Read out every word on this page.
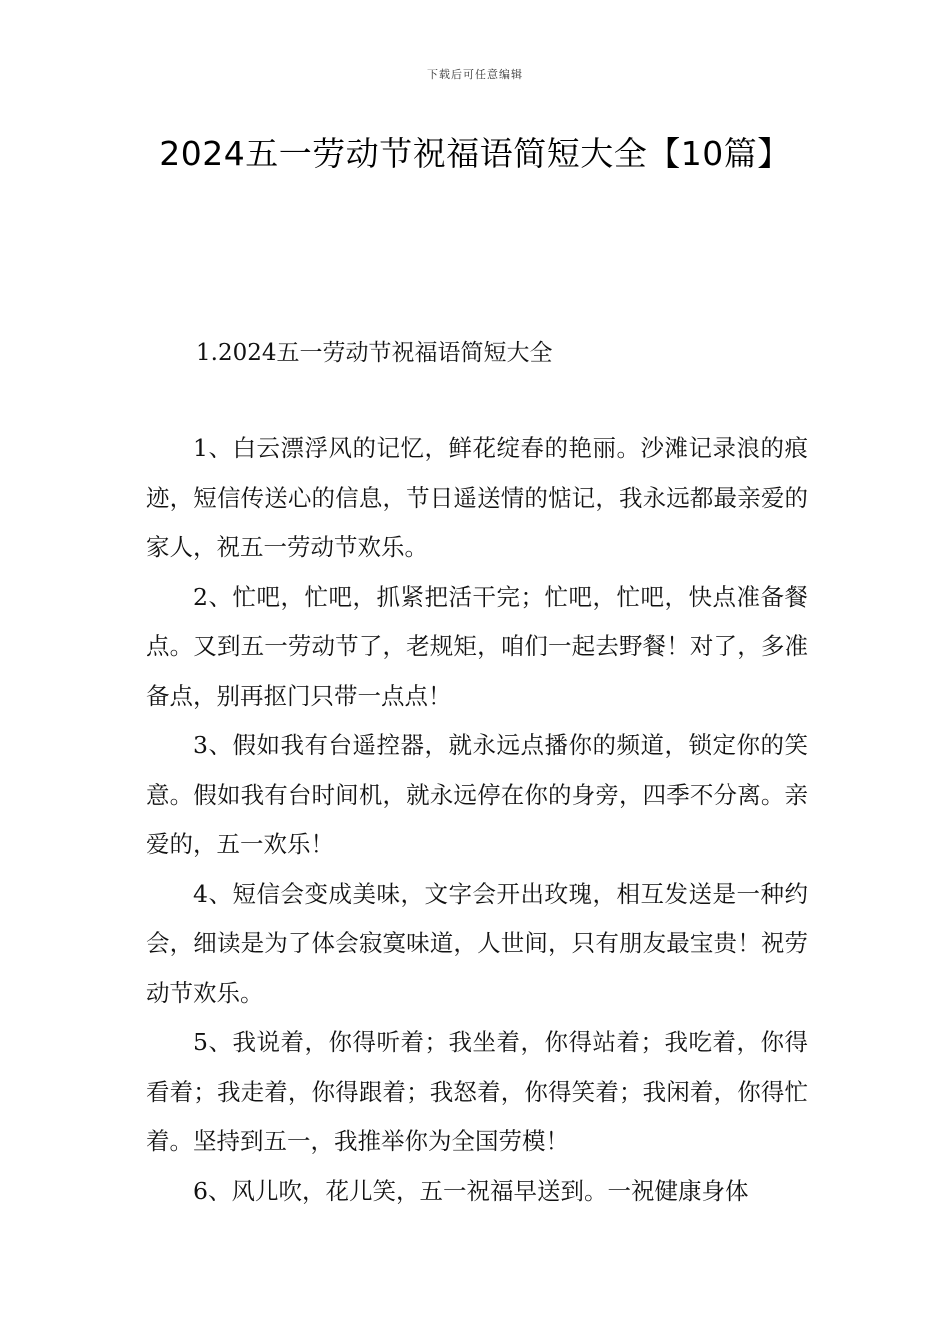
下载后可任意编辑
2024五一劳动节祝福语简短大全【10篇】
1.2024五一劳动节祝福语简短大全

1、白云漂浮风的记忆，鲜花绽春的艳丽。沙滩记录浪的痕迹，短信传送心的信息，节日遥送情的惦记，我永远都最亲爱的家人，祝五一劳动节欢乐。

2、忙吧，忙吧，抓紧把活干完；忙吧，忙吧，快点准备餐点。又到五一劳动节了，老规矩，咱们一起去野餐！对了，多准备点，别再抠门只带一点点！

3、假如我有台遥控器，就永远点播你的频道，锁定你的笑意。假如我有台时间机，就永远停在你的身旁，四季不分离。亲爱的，五一欢乐！

4、短信会变成美味，文字会开出玫瑰，相互发送是一种约会，细读是为了体会寂寞味道，人世间，只有朋友最宝贵！祝劳动节欢乐。

5、我说着，你得听着；我坐着，你得站着；我吃着，你得看着；我走着，你得跟着；我怒着，你得笑着；我闲着，你得忙着。坚持到五一，我推举你为全国劳模！

6、风儿吹，花儿笑，五一祝福早送到。一祝健康身体
